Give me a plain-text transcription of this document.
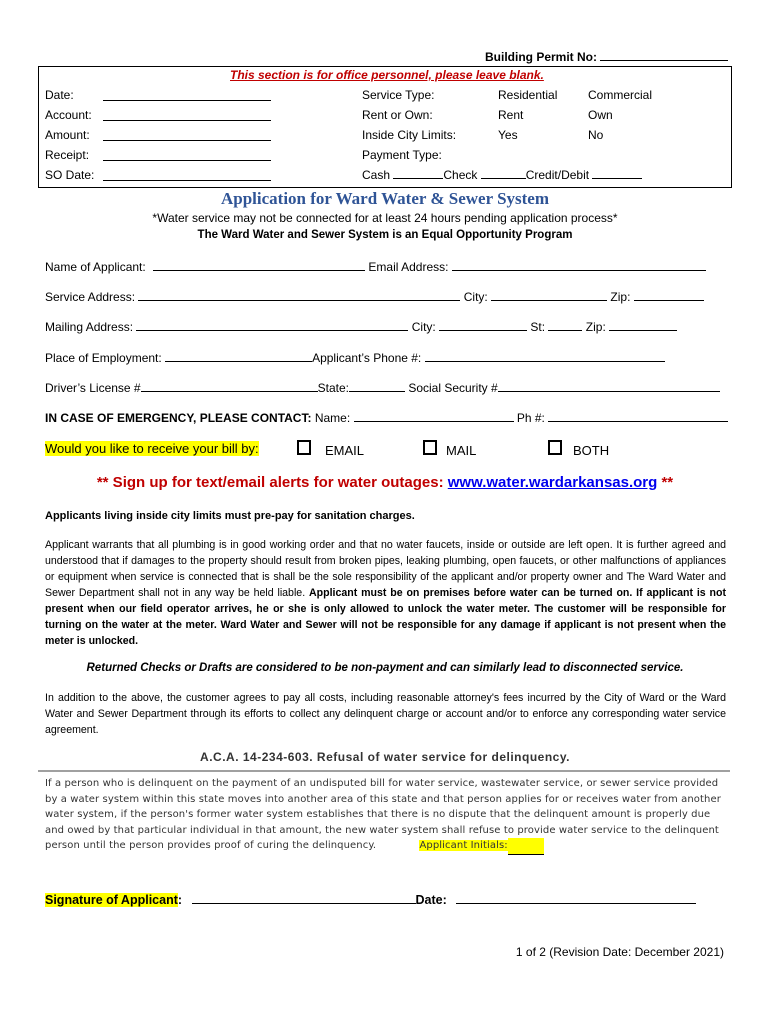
Building Permit No:
This section is for office personnel, please leave blank.
Date:
Account:
Amount:
Receipt:
SO Date:
Service Type:	Residential	Commercial
Rent or Own:	Rent	Own
Inside City Limits:	Yes	No
Payment Type:
Cash	Check	Credit/Debit
Application for Ward Water & Sewer System
*Water service may not be connected for at least 24 hours pending application process*
The Ward Water and Sewer System is an Equal Opportunity Program
Name of Applicant:	Email Address:
Service Address:	City:	Zip:
Mailing Address:	City:	St:	Zip:
Place of Employment:	Applicant’s Phone #:
Driver’s License #	State:	Social Security #
IN CASE OF EMERGENCY, PLEASE CONTACT: Name:	Ph #:
Would you like to receive your bill by:	EMAIL	MAIL	BOTH
** Sign up for text/email alerts for water outages: www.water.wardarkansas.org **
Applicants living inside city limits must pre-pay for sanitation charges.
Applicant warrants that all plumbing is in good working order and that no water faucets, inside or outside are left open. It is further agreed and understood that if damages to the property should result from broken pipes, leaking plumbing, open faucets, or other malfunctions of appliances or equipment when service is connected that is shall be the sole responsibility of the applicant and/or property owner and The Ward Water and Sewer Department shall not in any way be held liable. Applicant must be on premises before water can be turned on. If applicant is not present when our field operator arrives, he or she is only allowed to unlock the water meter. The customer will be responsible for turning on the water at the meter. Ward Water and Sewer will not be responsible for any damage if applicant is not present when the meter is unlocked.
Returned Checks or Drafts are considered to be non-payment and can similarly lead to disconnected service.
In addition to the above, the customer agrees to pay all costs, including reasonable attorney's fees incurred by the City of Ward or the Ward Water and Sewer Department through its efforts to collect any delinquent charge or account and/or to enforce any corresponding water service agreement.
A.C.A. 14-234-603. Refusal of water service for delinquency.
If a person who is delinquent on the payment of an undisputed bill for water service, wastewater service, or sewer service provided by a water system within this state moves into another area of this state and that person applies for or receives water from another water system, if the person's former water system establishes that there is no dispute that the delinquent amount is properly due and owed by that particular individual in that amount, the new water system shall refuse to provide water service to the delinquent person until the person provides proof of curing the delinquency.	Applicant Initials:
Signature of Applicant:	Date:
1 of 2 (Revision Date: December 2021)
